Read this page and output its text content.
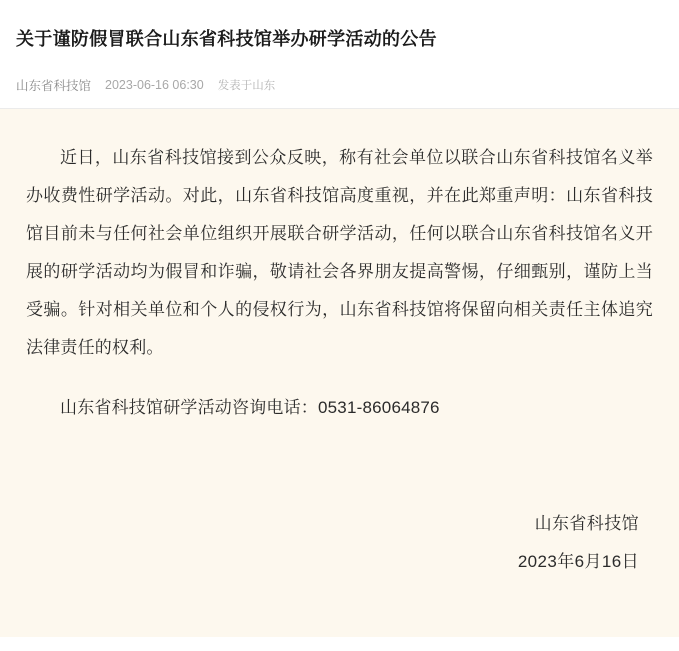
关于谨防假冒联合山东省科技馆举办研学活动的公告
山东省科技馆 2023-06-16 06:30 发表于山东

近日，山东省科技馆接到公众反映，称有社会单位以联合山东省科技馆名义举办收费性研学活动。对此，山东省科技馆高度重视，并在此郑重声明：山东省科技馆目前未与任何社会单位组织开展联合研学活动，任何以联合山东省科技馆名义开展的研学活动均为假冒和诈骗，敬请社会各界朋友提高警惕，仔细甄别，谨防上当受骗。针对相关单位和个人的侵权行为，山东省科技馆将保留向相关责任主体追究法律责任的权利。

山东省科技馆研学活动咨询电话：0531-86064876

山东省科技馆
2023年6月16日
